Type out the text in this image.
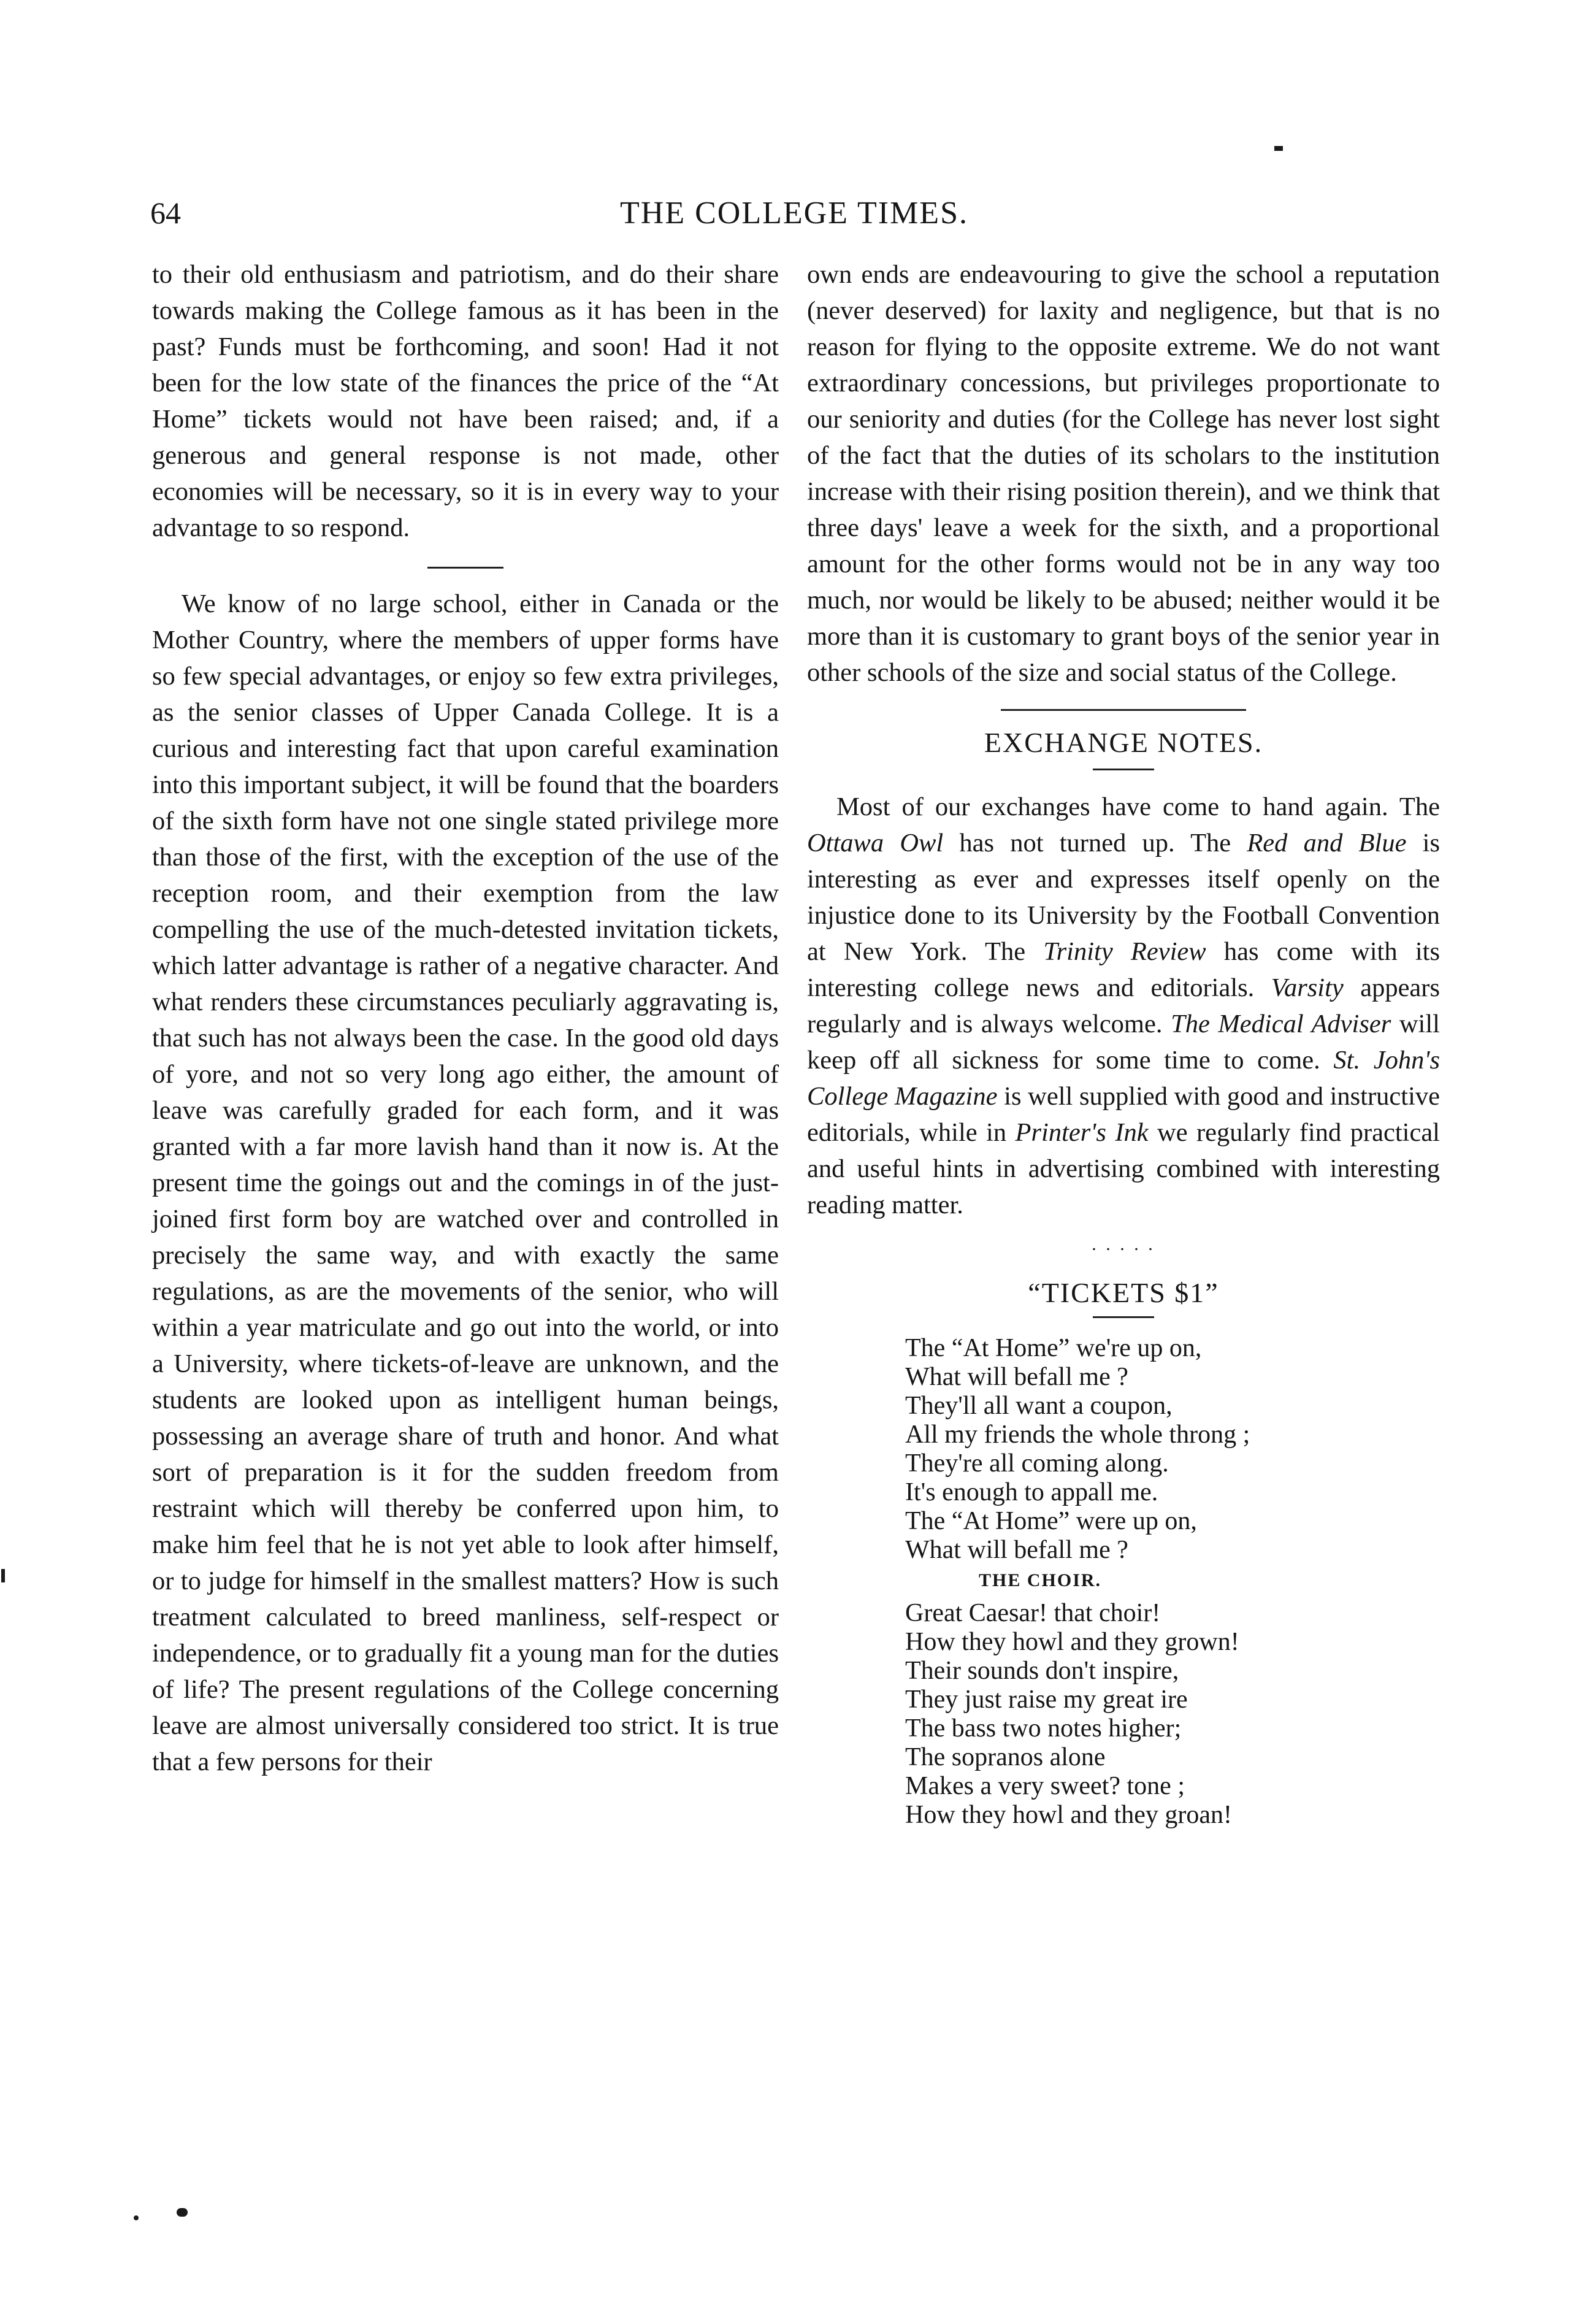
64	THE COLLEGE TIMES.

to their old enthusiasm and patriotism, and do their share towards making the College famous as it has been in the past? Funds must be forthcoming, and soon! Had it not been for the low state of the finances the price of the “At Home” tickets would not have been raised; and, if a generous and general response is not made, other economies will be necessary, so it is in every way to your advantage to so respond.

We know of no large school, either in Canada or the Mother Country, where the members of upper forms have so few special advantages, or enjoy so few extra privileges, as the senior classes of Upper Canada College. It is a curious and interesting fact that upon careful examination into this important subject, it will be found that the boarders of the sixth form have not one single stated privilege more than those of the first, with the exception of the use of the reception room, and their exemption from the law compelling the use of the much-detested invitation tickets, which latter advantage is rather of a negative character. And what renders these circumstances peculiarly aggravating is, that such has not always been the case. In the good old days of yore, and not so very long ago either, the amount of leave was carefully graded for each form, and it was granted with a far more lavish hand than it now is. At the present time the goings out and the comings in of the just-joined first form boy are watched over and controlled in precisely the same way, and with exactly the same regulations, as are the movements of the senior, who will within a year matriculate and go out into the world, or into a University, where tickets-of-leave are unknown, and the students are looked upon as intelligent human beings, possessing an average share of truth and honor. And what sort of preparation is it for the sudden freedom from restraint which will thereby be conferred upon him, to make him feel that he is not yet able to look after himself, or to judge for himself in the smallest matters? How is such treatment calculated to breed manliness, self-respect or independence, or to gradually fit a young man for the duties of life? The present regulations of the College concerning leave are almost universally considered too strict. It is true that a few persons for their

own ends are endeavouring to give the school a reputation (never deserved) for laxity and negligence, but that is no reason for flying to the opposite extreme. We do not want extraordinary concessions, but privileges proportionate to our seniority and duties (for the College has never lost sight of the fact that the duties of its scholars to the institution increase with their rising position therein), and we think that three days' leave a week for the sixth, and a proportional amount for the other forms would not be in any way too much, nor would be likely to be abused; neither would it be more than it is customary to grant boys of the senior year in other schools of the size and social status of the College.

EXCHANGE NOTES.

Most of our exchanges have come to hand again. The Ottawa Owl has not turned up. The Red and Blue is interesting as ever and expresses itself openly on the injustice done to its University by the Football Convention at New York. The Trinity Review has come with its interesting college news and editorials. Varsity appears regularly and is always welcome. The Medical Adviser will keep off all sickness for some time to come. St. John's College Magazine is well supplied with good and instructive editorials, while in Printer's Ink we regularly find practical and useful hints in advertising combined with interesting reading matter.

. . . . .
“TICKETS $1”
The “At Home” we're up on,
What will befall me ?
They'll all want a coupon,
All my friends the whole throng ;
They're all coming along.
It's enough to appall me.
The “At Home” were up on,
What will befall me ?
THE CHOIR.
Great Caesar! that choir!
How they howl and they grown!
Their sounds don't inspire,
They just raise my great ire
The bass two notes higher;
The sopranos alone
Makes a very sweet? tone ;
How they howl and they groan!
